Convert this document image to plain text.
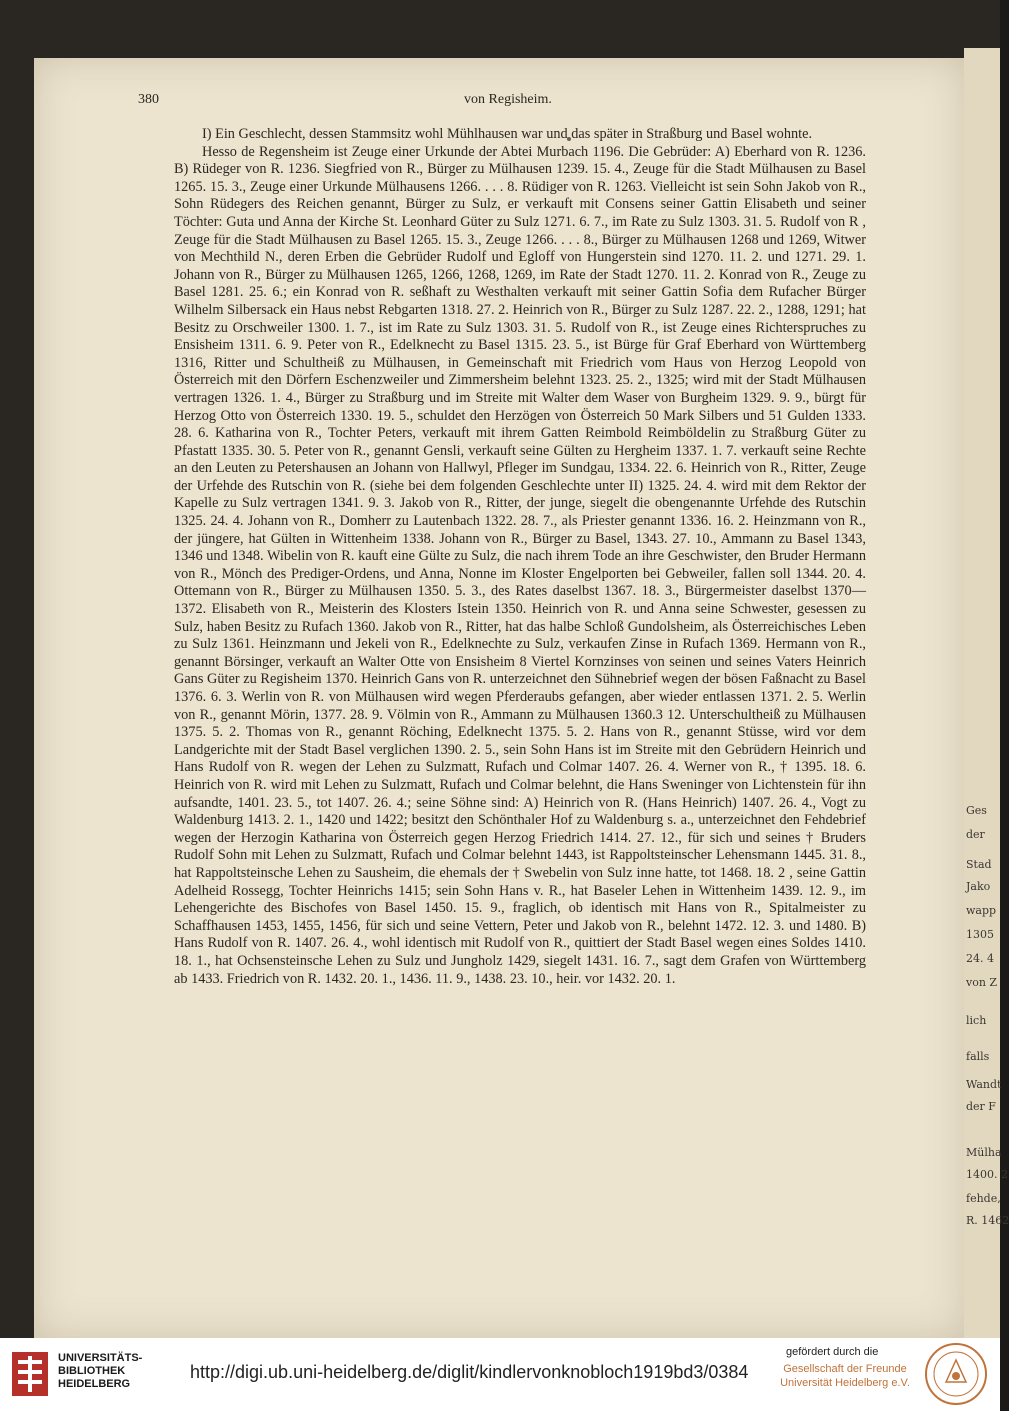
380	von Regisheim.

I) Ein Geschlecht, dessen Stammsitz wohl Mühlhausen war und das später in Straßburg und Basel wohnte.

Hesso de Regensheim ist Zeuge einer Urkunde der Abtei Murbach 1196. Die Gebrüder: A) Eberhard von R. 1236. B) Rüdeger von R. 1236. Siegfried von R., Bürger zu Mülhausen 1239. 15. 4., Zeuge für die Stadt Mülhausen zu Basel 1265. 15. 3., Zeuge einer Urkunde Mülhausens 1266. . . . 8. Rüdiger von R. 1263. Vielleicht ist sein Sohn Jakob von R., Sohn Rüdegers des Reichen genannt, Bürger zu Sulz, er verkauft mit Consens seiner Gattin Elisabeth und seiner Töchter: Guta und Anna der Kirche St. Leonhard Güter zu Sulz 1271. 6. 7., im Rate zu Sulz 1303. 31. 5. Rudolf von R , Zeuge für die Stadt Mülhausen zu Basel 1265. 15. 3., Zeuge 1266. . . . 8., Bürger zu Mülhausen 1268 und 1269, Witwer von Mechthild N., deren Erben die Gebrüder Rudolf und Egloff von Hungerstein sind 1270. 11. 2. und 1271. 29. 1. Johann von R., Bürger zu Mülhausen 1265, 1266, 1268, 1269, im Rate der Stadt 1270. 11. 2. Konrad von R., Zeuge zu Basel 1281. 25. 6.; ein Konrad von R. seßhaft zu Westhalten verkauft mit seiner Gattin Sofia dem Rufacher Bürger Wilhelm Silbersack ein Haus nebst Rebgarten 1318. 27. 2. Heinrich von R., Bürger zu Sulz 1287. 22. 2., 1288, 1291; hat Besitz zu Orschweiler 1300. 1. 7., ist im Rate zu Sulz 1303. 31. 5. Rudolf von R., ist Zeuge eines Richterspruches zu Ensisheim 1311. 6. 9. Peter von R., Edelknecht zu Basel 1315. 23. 5., ist Bürge für Graf Eberhard von Württemberg 1316, Ritter und Schultheiß zu Mülhausen, in Gemeinschaft mit Friedrich vom Haus von Herzog Leopold von Österreich mit den Dörfern Eschenzweiler und Zimmersheim belehnt 1323. 25. 2., 1325; wird mit der Stadt Mülhausen vertragen 1326. 1. 4., Bürger zu Straßburg und im Streite mit Walter dem Waser von Burgheim 1329. 9. 9., bürgt für Herzog Otto von Österreich 1330. 19. 5., schuldet den Herzögen von Österreich 50 Mark Silbers und 51 Gulden 1333. 28. 6. Katharina von R., Tochter Peters, verkauft mit ihrem Gatten Reimbold Reimböldelin zu Straßburg Güter zu Pfastatt 1335. 30. 5. Peter von R., genannt Gensli, verkauft seine Gülten zu Hergheim 1337. 1. 7. verkauft seine Rechte an den Leuten zu Petershausen an Johann von Hallwyl, Pfleger im Sundgau, 1334. 22. 6. Heinrich von R., Ritter, Zeuge der Urfehde des Rutschin von R. (siehe bei dem folgenden Geschlechte unter II) 1325. 24. 4. wird mit dem Rektor der Kapelle zu Sulz vertragen 1341. 9. 3. Jakob von R., Ritter, der junge, siegelt die obengenannte Urfehde des Rutschin 1325. 24. 4. Johann von R., Domherr zu Lautenbach 1322. 28. 7., als Priester genannt 1336. 16. 2. Heinzmann von R., der jüngere, hat Gülten in Wittenheim 1338. Johann von R., Bürger zu Basel, 1343. 27. 10., Ammann zu Basel 1343, 1346 und 1348. Wibelin von R. kauft eine Gülte zu Sulz, die nach ihrem Tode an ihre Geschwister, den Bruder Hermann von R., Mönch des Prediger-Ordens, und Anna, Nonne im Kloster Engelporten bei Gebweiler, fallen soll 1344. 20. 4. Ottemann von R., Bürger zu Mülhausen 1350. 5. 3., des Rates daselbst 1367. 18. 3., Bürgermeister daselbst 1370—1372. Elisabeth von R., Meisterin des Klosters Istein 1350. Heinrich von R. und Anna seine Schwester, gesessen zu Sulz, haben Besitz zu Rufach 1360. Jakob von R., Ritter, hat das halbe Schloß Gundolsheim, als Österreichisches Leben zu Sulz 1361. Heinzmann und Jekeli von R., Edelknechte zu Sulz, verkaufen Zinse in Rufach 1369. Hermann von R., genannt Börsinger, verkauft an Walter Otte von Ensisheim 8 Viertel Kornzinses von seinen und seines Vaters Heinrich Gans Güter zu Regisheim 1370. Heinrich Gans von R. unterzeichnet den Sühnebrief wegen der bösen Faßnacht zu Basel 1376. 6. 3. Werlin von R. von Mülhausen wird wegen Pferderaubs gefangen, aber wieder entlassen 1371. 2. 5. Werlin von R., genannt Mörin, 1377. 28. 9. Völmin von R., Ammann zu Mülhausen 1360.3 12. Unterschultheiß zu Mülhausen 1375. 5. 2. Thomas von R., genannt Röching, Edelknecht 1375. 5. 2. Hans von R., genannt Stüsse, wird vor dem Landgerichte mit der Stadt Basel verglichen 1390. 2. 5., sein Sohn Hans ist im Streite mit den Gebrüdern Heinrich und Hans Rudolf von R. wegen der Lehen zu Sulzmatt, Rufach und Colmar 1407. 26. 4. Werner von R., † 1395. 18. 6. Heinrich von R. wird mit Lehen zu Sulzmatt, Rufach und Colmar belehnt, die Hans Sweninger von Lichtenstein für ihn aufsandte, 1401. 23. 5., tot 1407. 26. 4.; seine Söhne sind: A) Heinrich von R. (Hans Heinrich) 1407. 26. 4., Vogt zu Waldenburg 1413. 2. 1., 1420 und 1422; besitzt den Schönthaler Hof zu Waldenburg s. a., unterzeichnet den Fehdebrief wegen der Herzogin Katharina von Österreich gegen Herzog Friedrich 1414. 27. 12., für sich und seines † Bruders Rudolf Sohn mit Lehen zu Sulzmatt, Rufach und Colmar belehnt 1443, ist Rappoltsteinscher Lehensmann 1445. 31. 8., hat Rappoltsteinsche Lehen zu Sausheim, die ehemals der † Swebelin von Sulz inne hatte, tot 1468. 18. 2 , seine Gattin Adelheid Rossegg, Tochter Heinrichs 1415; sein Sohn Hans v. R., hat Baseler Lehen in Wittenheim 1439. 12. 9., im Lehengerichte des Bischofes von Basel 1450. 15. 9., fraglich, ob identisch mit Hans von R., Spitalmeister zu Schaffhausen 1453, 1455, 1456, für sich und seine Vettern, Peter und Jakob von R., belehnt 1472. 12. 3. und 1480. B) Hans Rudolf von R. 1407. 26. 4., wohl identisch mit Rudolf von R., quittiert der Stadt Basel wegen eines Soldes 1410. 18. 1., hat Ochsensteinsche Lehen zu Sulz und Jungholz 1429, siegelt 1431. 16. 7., sagt dem Grafen von Württemberg ab 1433. Friedrich von R. 1432. 20. 1., 1436. 11. 9., 1438. 23. 10., heir. vor 1432. 20. 1.

Ges
der
Stad
Jako
wapp
1305
24. 4
von Z
lich
falls
Wandt
der F
Mülha
1400. 2
fehde,
R. 1462
UNIVERSITÄTS-
BIBLIOTHEK
HEIDELBERG
http://digi.ub.uni-heidelberg.de/diglit/kindlervonknobloch1919bd3/0384
gefördert durch die
Gesellschaft der Freunde
Universität Heidelberg e.V.
